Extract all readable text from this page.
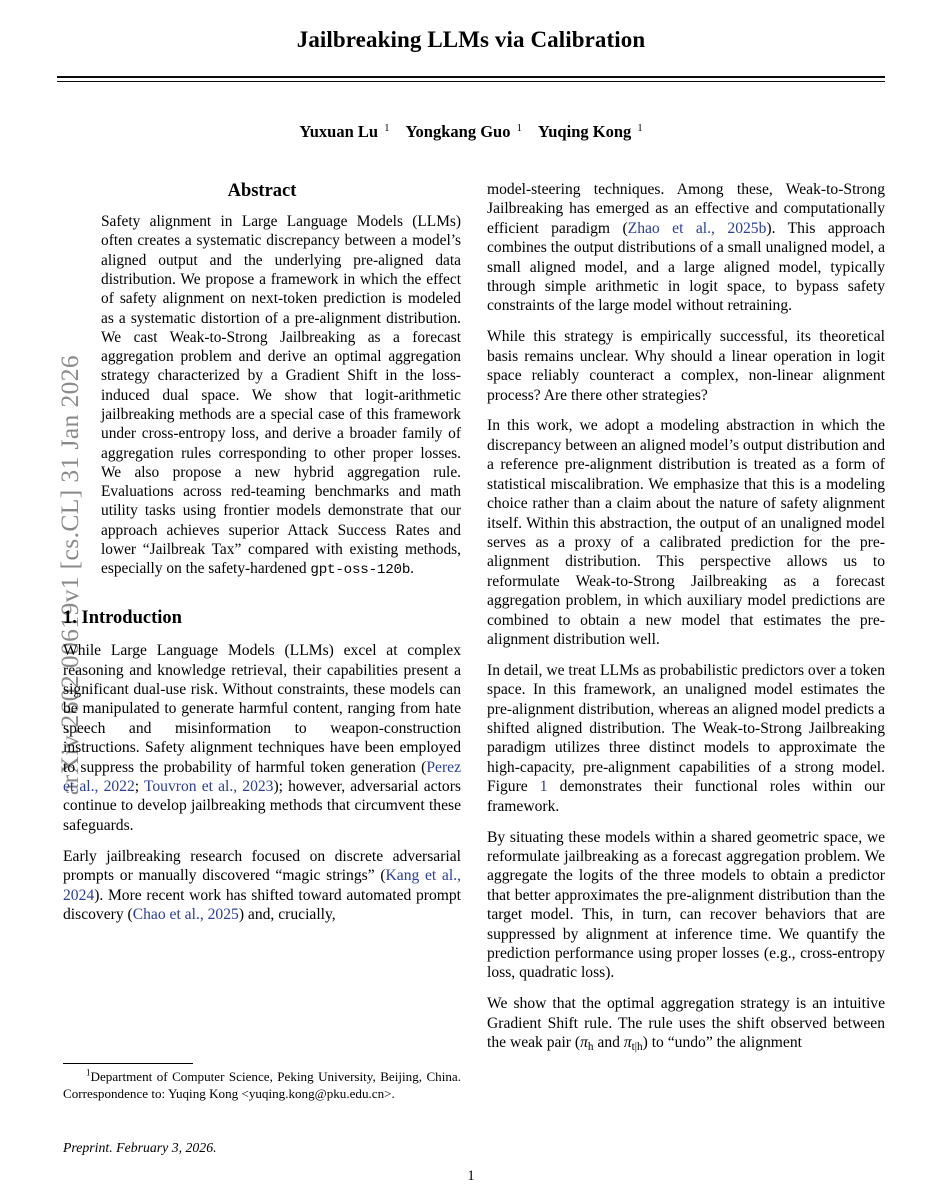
arXiv:2602.00619v1 [cs.CL] 31 Jan 2026
Jailbreaking LLMs via Calibration
Yuxuan Lu $^1$ Yongkang Guo $^1$ Yuqing Kong $^1$
Abstract
Safety alignment in Large Language Models (LLMs) often creates a systematic discrepancy between a model’s aligned output and the underlying pre-aligned data distribution. We propose a framework in which the effect of safety alignment on next-token prediction is modeled as a systematic distortion of a pre-alignment distribution. We cast Weak-to-Strong Jailbreaking as a forecast aggregation problem and derive an optimal aggregation strategy characterized by a Gradient Shift in the loss-induced dual space. We show that logit-arithmetic jailbreaking methods are a special case of this framework under cross-entropy loss, and derive a broader family of aggregation rules corresponding to other proper losses. We also propose a new hybrid aggregation rule. Evaluations across red-teaming benchmarks and math utility tasks using frontier models demonstrate that our approach achieves superior Attack Success Rates and lower “Jailbreak Tax” compared with existing methods, especially on the safety-hardened gpt-oss-120b.
1. Introduction

While Large Language Models (LLMs) excel at complex reasoning and knowledge retrieval, their capabilities present a significant dual-use risk. Without constraints, these models can be manipulated to generate harmful content, ranging from hate speech and misinformation to weapon-construction instructions. Safety alignment techniques have been employed to suppress the probability of harmful token generation (Perez et al., 2022; Touvron et al., 2023); however, adversarial actors continue to develop jailbreaking methods that circumvent these safeguards.

Early jailbreaking research focused on discrete adversarial prompts or manually discovered “magic strings” (Kang et al., 2024). More recent work has shifted toward automated prompt discovery (Chao et al., 2025) and, crucially,

model-steering techniques. Among these, Weak-to-Strong Jailbreaking has emerged as an effective and computationally efficient paradigm (Zhao et al., 2025b). This approach combines the output distributions of a small unaligned model, a small aligned model, and a large aligned model, typically through simple arithmetic in logit space, to bypass safety constraints of the large model without retraining.

While this strategy is empirically successful, its theoretical basis remains unclear. Why should a linear operation in logit space reliably counteract a complex, non-linear alignment process? Are there other strategies?

In this work, we adopt a modeling abstraction in which the discrepancy between an aligned model’s output distribution and a reference pre-alignment distribution is treated as a form of statistical miscalibration. We emphasize that this is a modeling choice rather than a claim about the nature of safety alignment itself. Within this abstraction, the output of an unaligned model serves as a proxy of a calibrated prediction for the pre-alignment distribution. This perspective allows us to reformulate Weak-to-Strong Jailbreaking as a forecast aggregation problem, in which auxiliary model predictions are combined to obtain a new model that estimates the pre-alignment distribution well.

In detail, we treat LLMs as probabilistic predictors over a token space. In this framework, an unaligned model estimates the pre-alignment distribution, whereas an aligned model predicts a shifted aligned distribution. The Weak-to-Strong Jailbreaking paradigm utilizes three distinct models to approximate the high-capacity, pre-alignment capabilities of a strong model. Figure 1 demonstrates their functional roles within our framework.

By situating these models within a shared geometric space, we reformulate jailbreaking as a forecast aggregation problem. We aggregate the logits of the three models to obtain a predictor that better approximates the pre-alignment distribution than the target model. This, in turn, can recover behaviors that are suppressed by alignment at inference time. We quantify the prediction performance using proper losses (e.g., cross-entropy loss, quadratic loss).

We show that the optimal aggregation strategy is an intuitive Gradient Shift rule. The rule uses the shift observed between the weak pair ($\pi_h$ and $\pi_{t|h}$) to “undo” the alignment

$^1$Department of Computer Science, Peking University, Beijing, China. Correspondence to: Yuqing Kong <yuqing.kong@pku.edu.cn>.
Preprint. February 3, 2026.
1
